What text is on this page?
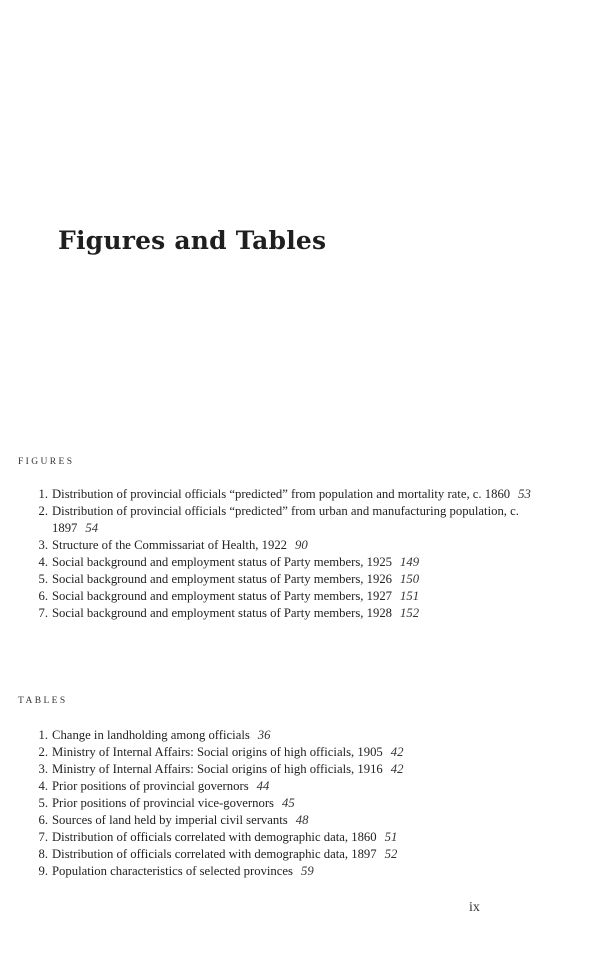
Figures and Tables
FIGURES
1. Distribution of provincial officials “predicted” from population and mortality rate, c. 1860 53
2. Distribution of provincial officials “predicted” from urban and manufacturing population, c. 1897 54
3. Structure of the Commissariat of Health, 1922 90
4. Social background and employment status of Party members, 1925 149
5. Social background and employment status of Party members, 1926 150
6. Social background and employment status of Party members, 1927 151
7. Social background and employment status of Party members, 1928 152
TABLES
1. Change in landholding among officials 36
2. Ministry of Internal Affairs: Social origins of high officials, 1905 42
3. Ministry of Internal Affairs: Social origins of high officials, 1916 42
4. Prior positions of provincial governors 44
5. Prior positions of provincial vice-governors 45
6. Sources of land held by imperial civil servants 48
7. Distribution of officials correlated with demographic data, 1860 51
8. Distribution of officials correlated with demographic data, 1897 52
9. Population characteristics of selected provinces 59
ix
